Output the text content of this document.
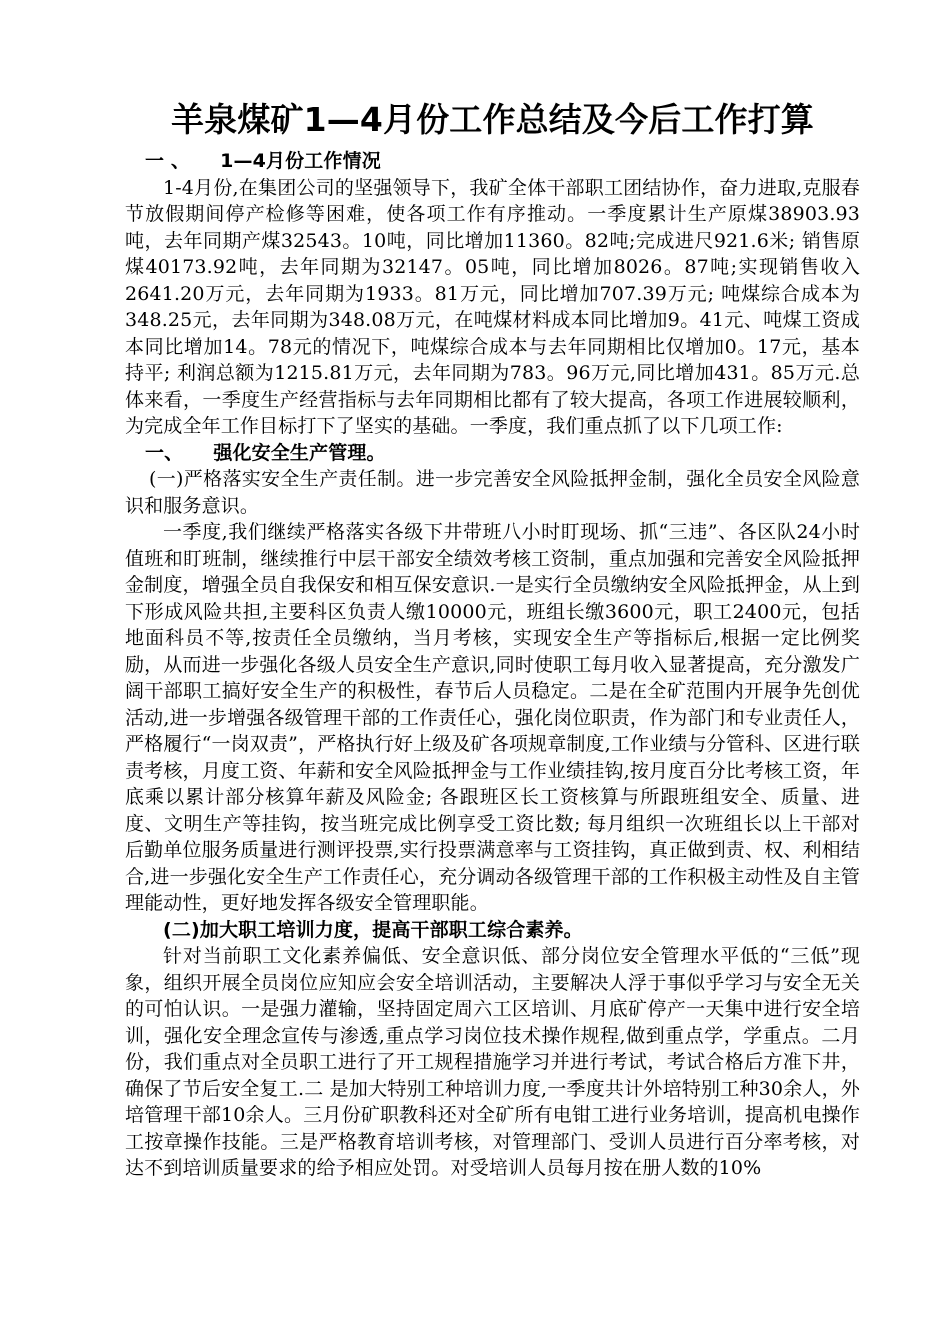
羊泉煤矿1—4月份工作总结及今后工作打算
一 、 1—4月份工作情况

1-4月份,在集团公司的坚强领导下，我矿全体干部职工团结协作，奋力进取,克服春节放假期间停产检修等困难，使各项工作有序推动。一季度累计生产原煤38903.93吨，去年同期产煤32543。10吨，同比增加11360。82吨;完成进尺921.6米; 销售原煤40173.92吨，去年同期为32147。05吨，同比增加8026。87吨;实现销售收入2641.20万元，去年同期为1933。81万元，同比增加707.39万元; 吨煤综合成本为348.25元，去年同期为348.08万元，在吨煤材料成本同比增加9。41元、吨煤工资成本同比增加14。78元的情况下，吨煤综合成本与去年同期相比仅增加0。17元，基本持平; 利润总额为1215.81万元，去年同期为783。96万元,同比增加431。85万元.总体来看，一季度生产经营指标与去年同期相比都有了较大提高，各项工作进展较顺利，为完成全年工作目标打下了坚实的基础。一季度，我们重点抓了以下几项工作:

一、 强化安全生产管理。
(一)严格落实安全生产责任制。进一步完善安全风险抵押金制，强化全员安全风险意识和服务意识。

一季度,我们继续严格落实各级下井带班八小时盯现场、抓“三违”、各区队24小时值班和盯班制，继续推行中层干部安全绩效考核工资制，重点加强和完善安全风险抵押金制度，增强全员自我保安和相互保安意识.一是实行全员缴纳安全风险抵押金，从上到下形成风险共担,主要科区负责人缴10000元，班组长缴3600元，职工2400元，包括地面科员不等,按责任全员缴纳，当月考核，实现安全生产等指标后,根据一定比例奖励，从而进一步强化各级人员安全生产意识,同时使职工每月收入显著提高，充分激发广阔干部职工搞好安全生产的积极性，春节后人员稳定。二是在全矿范围内开展争先创优活动,进一步增强各级管理干部的工作责任心，强化岗位职责，作为部门和专业责任人，严格履行“一岗双责”，严格执行好上级及矿各项规章制度,工作业绩与分管科、区进行联责考核，月度工资、年薪和安全风险抵押金与工作业绩挂钩,按月度百分比考核工资，年底乘以累计部分核算年薪及风险金; 各跟班区长工资核算与所跟班组安全、质量、进度、文明生产等挂钩，按当班完成比例享受工资比数; 每月组织一次班组长以上干部对后勤单位服务质量进行测评投票,实行投票满意率与工资挂钩，真正做到责、权、利相结合,进一步强化安全生产工作责任心，充分调动各级管理干部的工作积极主动性及自主管理能动性，更好地发挥各级安全管理职能。

(二)加大职工培训力度，提高干部职工综合素养。

针对当前职工文化素养偏低、安全意识低、部分岗位安全管理水平低的“三低”现象，组织开展全员岗位应知应会安全培训活动，主要解决人浮于事似乎学习与安全无关的可怕认识。一是强力灌输，坚持固定周六工区培训、月底矿停产一天集中进行安全培训，强化安全理念宣传与渗透,重点学习岗位技术操作规程,做到重点学，学重点。二月份，我们重点对全员职工进行了开工规程措施学习并进行考试，考试合格后方准下井，确保了节后安全复工.二 是加大特别工种培训力度,一季度共计外培特别工种30余人，外培管理干部10余人。三月份矿职教科还对全矿所有电钳工进行业务培训，提高机电操作工按章操作技能。三是严格教育培训考核，对管理部门、受训人员进行百分率考核，对达不到培训质量要求的给予相应处罚。对受培训人员每月按在册人数的10%
